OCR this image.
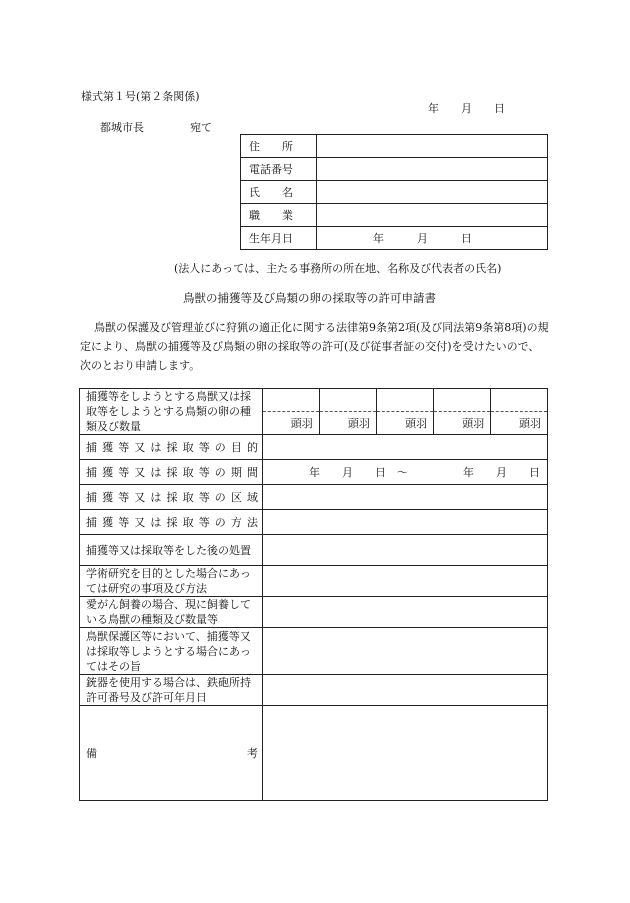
様式第１号(第２条関係)
年　　月　　日
都城市長	宛て
住　　所	
電話番号	
氏　　名	
職　　業	
生年月日	年　　　月　　　日
(法人にあっては、主たる事務所の所在地、名称及び代表者の氏名)
鳥獣の捕獲等及び鳥類の卵の採取等の許可申請書
鳥獣の保護及び管理並びに狩猟の適正化に関する法律第9条第2項(及び同法第9条第8項)の規定により、鳥獣の捕獲等及び鳥類の卵の採取等の許可(及び従事者証の交付)を受けたいので、次のとおり申請します。
捕獲等をしようとする鳥獣又は採取等をしようとする鳥類の卵の種類及び数量	
					頭羽	頭羽	頭羽	頭羽	頭羽

捕獲等又は採取等の目的	
捕獲等又は採取等の期間	年　　月　　日　～　　　　　年　　月　　日
捕獲等又は採取等の区域	
捕獲等又は採取等の方法	
捕獲等又は採取等をした後の処置	
学術研究を目的とした場合にあっては研究の事項及び方法	
愛がん飼養の場合、現に飼養している鳥獣の種類及び数量等	
鳥獣保護区等において、捕獲等又は採取等しようとする場合にあってはその旨	
銃器を使用する場合は、鉄砲所持許可番号及び許可年月日	

備	考
